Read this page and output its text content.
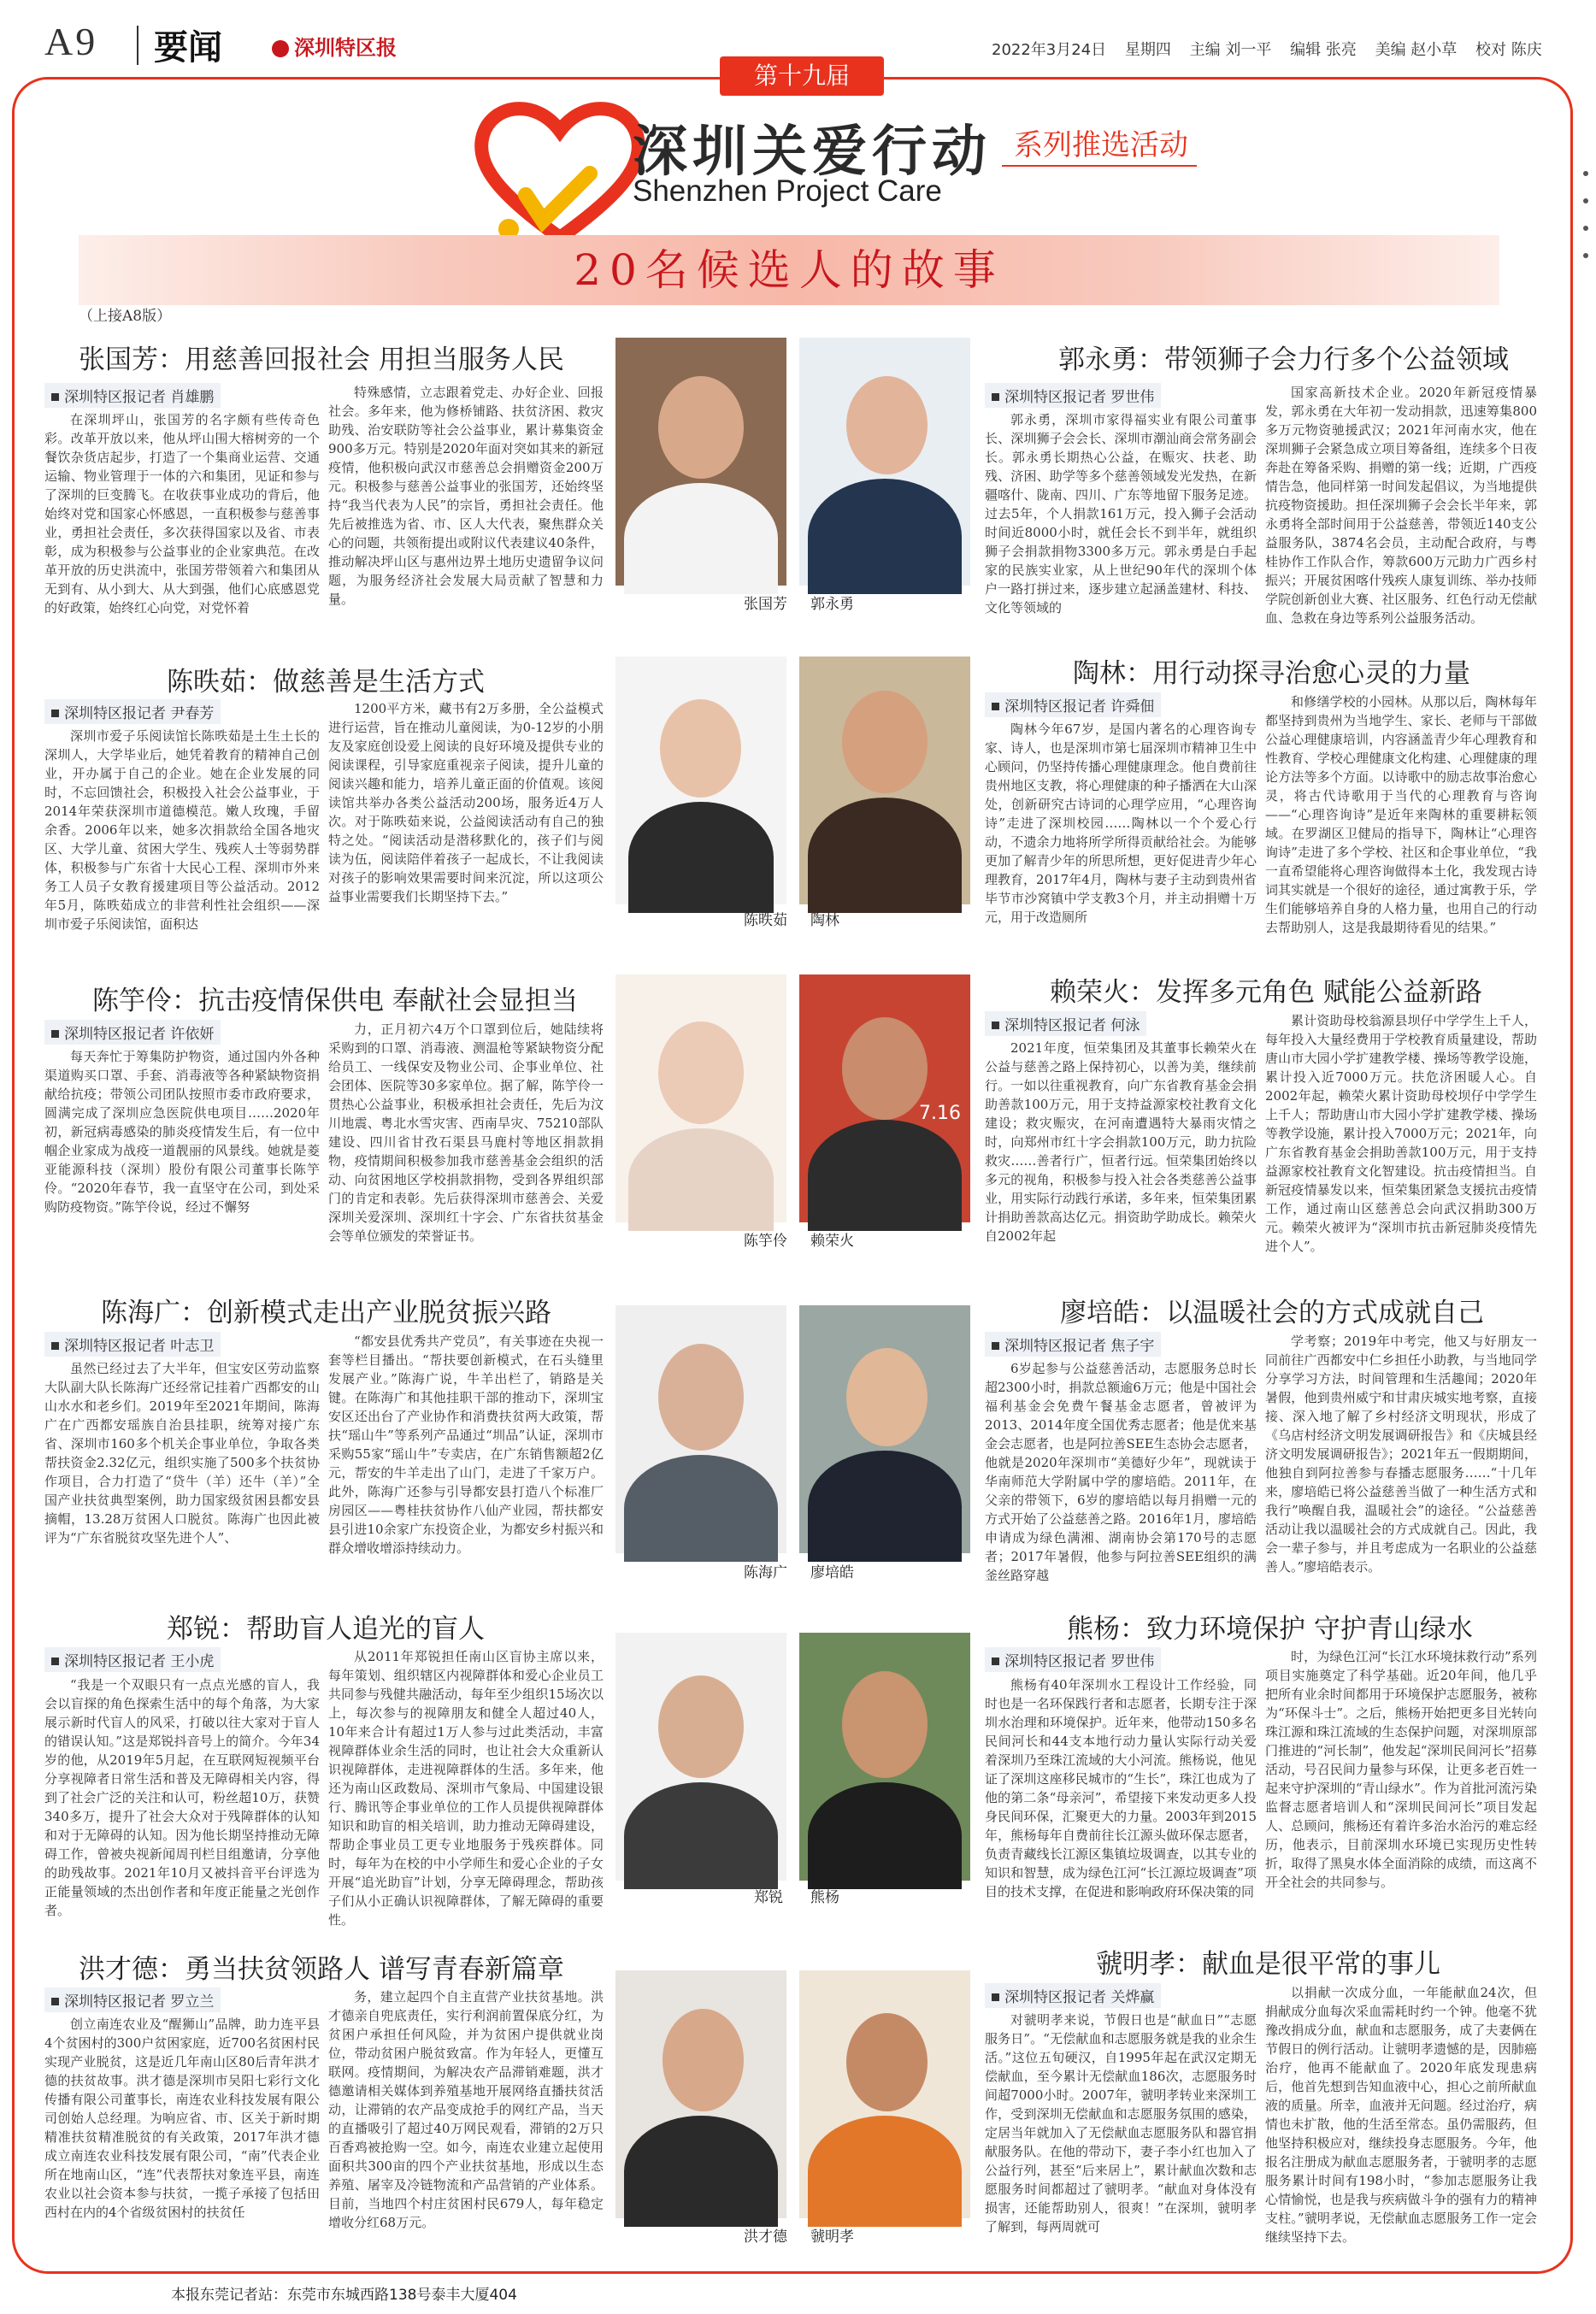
A9 要闻	深圳特区报	2022年3月24日 星期四 主编 刘一平 编辑 张亮 美编 赵小草 校对 陈庆
第十九届
深圳关爱行动
Shenzhen Project Care
系列推选活动
20名候选人的故事
（上接A8版）
张国芳：用慈善回报社会 用担当服务人民
深圳特区报记者 肖雄鹏
在深圳坪山，张国芳的名字颇有些传奇色彩。改革开放以来，他从坪山围大榕树旁的一个餐饮杂货店起步，打造了一个集商业运营、交通运输、物业管理于一体的六和集团，见证和参与了深圳的巨变腾飞。在收获事业成功的背后，他始终对党和国家心怀感恩，一直积极参与慈善事业，勇担社会责任，多次获得国家以及省、市表彰，成为积极参与公益事业的企业家典范。在改革开放的历史洪流中，张国芳带领着六和集团从无到有、从小到大、从大到强，他们心底感恩党的好政策，始终红心向党，对党怀着
特殊感情，立志跟着党走、办好企业、回报社会。多年来，他为修桥铺路、扶贫济困、救灾助残、治安联防等社会公益事业，累计募集资金900多万元。特别是2020年面对突如其来的新冠疫情，他积极向武汉市慈善总会捐赠资金200万元。积极参与慈善公益事业的张国芳，还始终坚持“我当代表为人民”的宗旨，勇担社会责任。他先后被推选为省、市、区人大代表，聚焦群众关心的问题，共领衔提出或附议代表建议40条件，推动解决坪山区与惠州边界土地历史遗留争议问题，为服务经济社会发展大局贡献了智慧和力量。
陈昳茹：做慈善是生活方式
深圳特区报记者 尹春芳
深圳市爱子乐阅读馆长陈昳茹是土生土长的深圳人，大学毕业后，她凭着教育的精神自己创业，开办属于自己的企业。她在企业发展的同时，不忘回馈社会，积极投入社会公益事业，于2014年荣获深圳市道德模范。嫩人玫瑰，手留余香。2006年以来，她多次捐款给全国各地灾区、大学儿童、贫困大学生、残疾人士等弱势群体，积极参与广东省十大民心工程、深圳市外来务工人员子女教育援建项目等公益活动。2012年5月，陈昳茹成立的非营利性社会组织——深圳市爱子乐阅读馆，面积达
1200平方米，藏书有2万多册，全公益模式进行运营，旨在推动儿童阅读，为0-12岁的小朋友及家庭创设爱上阅读的良好环境及提供专业的阅读课程，引导家庭重视亲子阅读，提升儿童的阅读兴趣和能力，培养儿童正面的价值观。该阅读馆共举办各类公益活动200场，服务近4万人次。对于陈昳茹来说，公益阅读活动有自己的独特之处。“阅读活动是潜移默化的，孩子们与阅读为伍，阅读陪伴着孩子一起成长，不让我阅读对孩子的影响效果需要时间来沉淀，所以这项公益事业需要我们长期坚持下去。”
陈竽伶：抗击疫情保供电 奉献社会显担当
深圳特区报记者 许依妍
每天奔忙于筹集防护物资，通过国内外各种渠道购买口罩、手套、消毒液等各种紧缺物资捐献给抗疫；带领公司团队按照市委市政府要求，圆满完成了深圳应急医院供电项目……2020年初，新冠病毒感染的肺炎疫情发生后，有一位中帼企业家成为战疫一道靓丽的风景线。她就是菱亚能源科技（深圳）股份有限公司董事长陈竽伶。“2020年春节，我一直坚守在公司，到处采购防疫物资。”陈竽伶说，经过不懈努
力，正月初六4万个口罩到位后，她陆续将采购到的口罩、消毒液、测温枪等紧缺物资分配给员工、一线保安及物业公司、企事业单位、社会团体、医院等30多家单位。据了解，陈竽伶一贯热心公益事业，积极承担社会责任，先后为汶川地震、粤北水雪灾害、西南旱灾、75210部队建设、四川省甘孜石渠县马鹿村等地区捐款捐物，疫情期间积极参加我市慈善基金会组织的活动、向贫困地区学校捐款捐物，受到各界组织部门的肯定和表彰。先后获得深圳市慈善会、关爱深圳关爱深圳、深圳红十字会、广东省扶贫基金会等单位颁发的荣誉证书。
陈海广：创新模式走出产业脱贫振兴路
深圳特区报记者 叶志卫
虽然已经过去了大半年，但宝安区劳动监察大队副大队长陈海广还经常记挂着广西都安的山山水水和老乡们。2019年至2021年期间，陈海广在广西都安瑶族自治县挂职，统筹对接广东省、深圳市160多个机关企事业单位，争取各类帮扶资金2.32亿元，组织实施了500多个扶贫协作项目，合力打造了“贷牛（羊）还牛（羊）”全国产业扶贫典型案例，助力国家级贫困县都安县摘帽，13.28万贫困人口脱贫。陈海广也因此被评为“广东省脱贫攻坚先进个人”、
“都安县优秀共产党员”，有关事迹在央视一套等栏目播出。“帮扶要创新模式，在石头缝里发展产业。”陈海广说，牛羊出栏了，销路是关键。在陈海广和其他挂职干部的推动下，深圳宝安区还出台了产业协作和消费扶贫两大政策，帮扶“瑶山牛”等系列产品通过“圳品”认证，深圳市采购55家“瑶山牛”专卖店，在广东销售额超2亿元，帮安的牛羊走出了山门，走进了千家万户。此外，陈海广还参与引导都安县打造八个标准厂房园区——粤桂扶贫协作八仙产业园，帮扶都安县引进10余家广东投资企业，为都安乡村振兴和群众增收增添持续动力。
郑锐：帮助盲人追光的盲人
深圳特区报记者 王小虎
“我是一个双眼只有一点点光感的盲人，我会以盲探的角色探索生活中的每个角落，为大家展示新时代盲人的风采，打破以往大家对于盲人的错误认知。”这是郑锐抖音号上的简介。今年34岁的他，从2019年5月起，在互联网短视频平台分享视障者日常生活和普及无障碍相关内容，得到了社会广泛的关注和认可，粉丝超10万，获赞340多万，提升了社会大众对于残障群体的认知和对于无障碍的认知。因为他长期坚持推动无障碍工作，曾被央视新闻周刊栏目组邀请，分享他的助残故事。2021年10月又被抖音平台评选为正能量领域的杰出创作者和年度正能量之光创作者。
从2011年郑锐担任南山区盲协主席以来，每年策划、组织辖区内视障群体和爱心企业员工共同参与残健共融活动，每年至少组织15场次以上，每次参与的视障朋友和健全人超过40人，10年来合计有超过1万人参与过此类活动，丰富视障群体业余生活的同时，也让社会大众重新认识视障群体，走进视障群体的生活。多年来，他还为南山区政数局、深圳市气象局、中国建设银行、腾讯等企事业单位的工作人员提供视障群体知识和助盲的相关培训，助力推动无障碍建设，帮助企事业员工更专业地服务于残疾群体。同时，每年为在校的中小学师生和爱心企业的子女开展“追光助盲”计划，分享无障碍理念，帮助孩子们从小正确认识视障群体，了解无障碍的重要性。
洪才德：勇当扶贫领路人 谱写青春新篇章
深圳特区报记者 罗立兰
创立南连农业及“醒狮山”品牌，助力连平县4个贫困村的300户贫困家庭，近700名贫困村民实现产业脱贫，这是近几年南山区80后青年洪才德的扶贫故事。洪才德是深圳市吴阳七彩行文化传播有限公司董事长，南连农业科技发展有限公司创始人总经理。为响应省、市、区关于新时期精准扶贫精准脱贫的有关政策，2017年洪才德成立南连农业科技发展有限公司，“南”代表企业所在地南山区，“连”代表帮扶对象连平县，南连农业以社会资本参与扶贫，一揽子承接了包括田西村在内的4个省级贫困村的扶贫任
务，建立起四个自主直营产业扶贫基地。洪才德亲自兜底责任，实行利润前置保底分红，为贫困户承担任何风险，并为贫困户提供就业岗位，带动贫困户脱贫致富。作为年轻人，更懂互联网。疫情期间，为解决农产品滞销难题，洪才德邀请相关媒体到养殖基地开展网络直播扶贫活动，让滞销的农产品变成抢手的网红产品，当天的直播吸引了超过40万网民观看，滞销的2万只百香鸡被抢购一空。如今，南连农业建立起使用面积共300亩的四个产业扶贫基地，形成以生态养殖、屠宰及冷链物流和产品营销的产业体系。目前，当地四个村庄贫困村民679人，每年稳定增收分红68万元。
郭永勇：带领狮子会力行多个公益领域
深圳特区报记者 罗世伟
郭永勇，深圳市家得福实业有限公司董事长、深圳狮子会会长、深圳市潮汕商会常务副会长。郭永勇长期热心公益，在赈灾、扶老、助残、济困、助学等多个慈善领域发光发热，在新疆喀什、陇南、四川、广东等地留下服务足迹。过去5年，个人捐款161万元，投入狮子会活动时间近8000小时，就任会长不到半年，就组织狮子会捐款捐物3300多万元。郭永勇是白手起家的民族实业家，从上世纪90年代的深圳个体户一路打拼过来，逐步建立起涵盖建材、科技、文化等领域的
国家高新技术企业。2020年新冠疫情暴发，郭永勇在大年初一发动捐款，迅速筹集800多万元物资驰援武汉；2021年河南水灾，他在深圳狮子会紧急成立项目筹备组，连续多个日夜奔赴在筹备采购、捐赠的第一线；近期，广西疫情告急，他同样第一时间发起倡议，为当地提供抗疫物资援助。担任深圳狮子会会长半年来，郭永勇将全部时间用于公益慈善，带领近140支公益服务队，3874名会员，主动配合政府，与粤桂协作工作队合作，筹款600万元助力广西乡村振兴；开展贫困喀什残疾人康复训练、举办技师学院创新创业大赛、社区服务、红色行动无偿献血、急救在身边等系列公益服务活动。
陶林：用行动探寻治愈心灵的力量
深圳特区报记者 许舜佃
陶林今年67岁，是国内著名的心理咨询专家、诗人，也是深圳市第七届深圳市精神卫生中心顾问，仍坚持传播心理健康理念。他自费前往贵州地区支教，将心理健康的种子播洒在大山深处，创新研究古诗词的心理学应用，“心理咨询诗”走进了深圳校园……陶林以一个个爱心行动，不遗余力地将所学所得贡献给社会。为能够更加了解青少年的所思所想，更好促进青少年心理教育，2017年4月，陶林与妻子主动到贵州省毕节市沙窝镇中学支教3个月，并主动捐赠十万元，用于改造厕所
和修缮学校的小园林。从那以后，陶林每年都坚持到贵州为当地学生、家长、老师与干部做公益心理健康培训，内容涵盖青少年心理教育和性教育、学校心理健康文化构建、心理健康的理论方法等多个方面。以诗歌中的励志故事治愈心灵，将古代诗歌用于当代的心理教育与咨询——“心理咨询诗”是近年来陶林的重要耕耘领域。在罗湖区卫健局的指导下，陶林让“心理咨询诗”走进了多个学校、社区和企事业单位，“我一直希望能将心理咨询做得本土化，我发现古诗词其实就是一个很好的途径，通过寓教于乐，学生们能够培养自身的人格力量，也用自己的行动去帮助别人，这是我最期待看见的结果。”
赖荣火：发挥多元角色 赋能公益新路
深圳特区报记者 何泳
2021年度，恒荣集团及其董事长赖荣火在公益与慈善之路上保持初心，以善为美，继续前行。一如以往重视教育，向广东省教育基金会捐助善款100万元，用于支持益源家校社教育文化建设；救灾赈灾，在河南遭遇特大暴雨灾情之时，向郑州市红十字会捐款100万元，助力抗险救灾……善者行广，恒者行远。恒荣集团始终以多元的视角，积极参与投入社会各类慈善公益事业，用实际行动践行承诺，多年来，恒荣集团累计捐助善款高达亿元。捐资助学助成长。赖荣火自2002年起
累计资助母校翁源县坝仔中学学生上千人，每年投入大量经费用于学校教育质量建设，帮助唐山市大园小学扩建教学楼、操场等教学设施，累计投入近7000万元。扶危济困暖人心。自2002年起，赖荣火累计资助母校坝仔中学学生上千人；帮助唐山市大园小学扩建教学楼、操场等教学设施，累计投入7000万元；2021年，向广东省教育基金会捐助善款100万元，用于支持益源家校社教育文化智建设。抗击疫情担当。自新冠疫情暴发以来，恒荣集团紧急支援抗击疫情工作，通过南山区慈善总会向武汉捐助300万元。赖荣火被评为“深圳市抗击新冠肺炎疫情先进个人”。
廖培皓：以温暖社会的方式成就自己
深圳特区报记者 焦子宇
6岁起参与公益慈善活动，志愿服务总时长超2300小时，捐款总额逾6万元；他是中国社会福利基金会免费午餐基金志愿者，曾被评为2013、2014年度全国优秀志愿者；他是优来基金会志愿者，也是阿拉善SEE生态协会志愿者，他就是2020年深圳市“美德好少年”，现就读于华南师范大学附属中学的廖培皓。2011年，在父亲的带领下，6岁的廖培皓以每月捐赠一元的方式开始了公益慈善之路。2016年1月，廖培皓申请成为绿色满湘、湖南协会第170号的志愿者；2017年暑假，他参与阿拉善SEE组织的满釜丝路穿越
学考察；2019年中考完，他又与好朋友一同前往广西都安中仁乡担任小助教，与当地同学分享学习方法，时间管理和生活趣闻；2020年暑假，他到贵州威宁和甘肃庆城实地考察，直接接、深入地了解了乡村经济文明现状，形成了《乌店村经济文明发展调研报告》和《庆城县经济文明发展调研报告》；2021年五一假期期间，他独自到阿拉善参与春播志愿服务……“十几年来，廖培皓已将公益慈善当做了一种生活方式和我行”唤醒自我，温暖社会”的途径。“公益慈善活动让我以温暖社会的方式成就自己。因此，我会一辈子参与，并且考虑成为一名职业的公益慈善人。”廖培皓表示。
熊杨：致力环境保护 守护青山绿水
深圳特区报记者 罗世伟
熊杨有40年深圳水工程设计工作经验，同时也是一名环保践行者和志愿者，长期专注于深圳水治理和环境保护。近年来，他带动150多名民间河长和44支本地行动力量认实际行动关爱着深圳乃至珠江流域的大小河流。熊杨说，他见证了深圳这座移民城市的“生长”，珠江也成为了他的第二条“母亲河”，希望接下来发动更多人投身民间环保，汇聚更大的力量。2003年到2015年，熊杨每年自费前往长江源头做环保志愿者，负责青藏线长江源区集镇垃圾调查，以其专业的知识和智慧，成为绿色江河“长江源垃圾调查”项目的技术支撑，在促进和影响政府环保决策的同
时，为绿色江河“长江水环境抹救行动”系列项目实施奠定了科学基础。近20年间，他几乎把所有业余时间都用于环境保护志愿服务，被称为“环保斗士”。之后，熊杨开始把更多目光转向珠江源和珠江流域的生态保护问题，对深圳原部门推进的“河长制”，他发起“深圳民间河长”招募活动，号召民间力量参与环保，让更多老百姓一起来守护深圳的“青山绿水”。作为首批河流污染监督志愿者培训人和“深圳民间河长”项目发起人、总顾问，熊杨还有着许多治水治污的难忘经历，他表示，目前深圳水环境已实现历史性转折，取得了黑臭水体全面消除的成绩，而这离不开全社会的共同参与。
虢明孝：献血是很平常的事儿
深圳特区报记者 关烨赢
对虢明孝来说，节假日也是“献血日”“志愿服务日”。“无偿献血和志愿服务就是我的业余生活。”这位五旬硬汉，自1995年起在武汉定期无偿献血，至今累计无偿献血186次，志愿服务时间超7000小时。2007年，虢明孝转业来深圳工作，受到深圳无偿献血和志愿服务氛围的感染，定居当年就加入了无偿献血志愿服务队和器官捐献服务队。在他的带动下，妻子李小红也加入了公益行列，甚至“后来居上”，累计献血次数和志愿服务时间都超过了虢明孝。“献血对身体没有损害，还能帮助别人，很爽！”在深圳，虢明孝了解到，每两周就可
以捐献一次成分血，一年能献血24次，但捐献成分血每次采血需耗时约一个钟。他毫不犹豫改捐成分血，献血和志愿服务，成了夫妻俩在节假日的例行活动。让虢明孝遗憾的是，因肺癌治疗，他再不能献血了。2020年底发现患病后，他首先想到告知血液中心，担心之前所献血液的质量。所幸，血液并无问题。经过治疗，病情也未扩散，他的生活至常态。虽仍需服药，但他坚持积极应对，继续投身志愿服务。今年，他报名注册成为献血志愿服务者，于虢明孝的志愿服务累计时间有198小时，“参加志愿服务让我心情愉悦，也是我与疾病做斗争的强有力的精神支柱。”虢明孝说，无偿献血志愿服务工作一定会继续坚持下去。
张国芳 郭永勇
陈昳茹 陶林
7.16
陈竽伶 赖荣火
陈海广 廖培皓
郑锐 熊杨
洪才德 虢明孝
本报东莞记者站：东莞市东城西路138号泰丰大厦404
